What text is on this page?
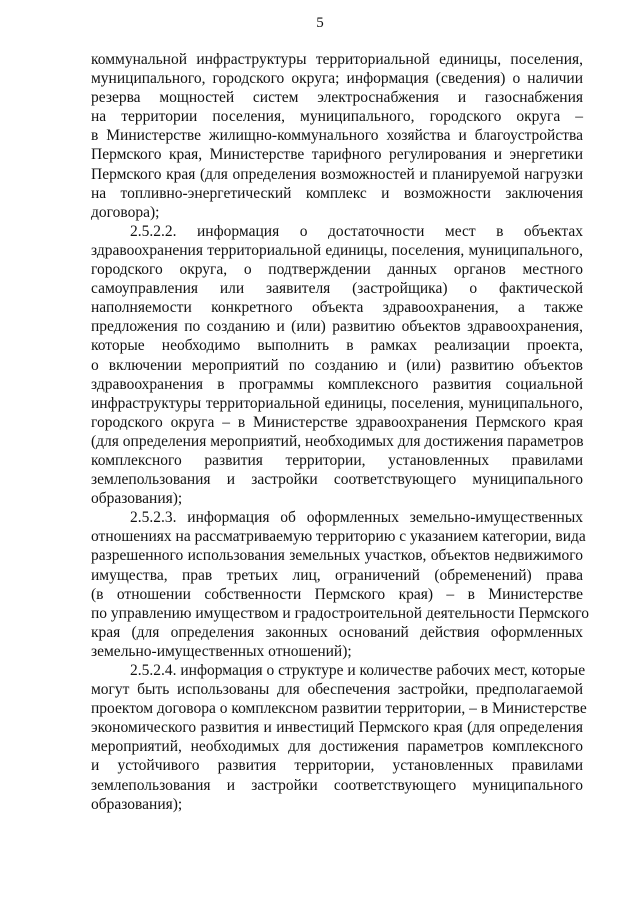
5
коммунальной инфраструктуры территориальной единицы, поселения,
муниципального, городского округа; информация (сведения) о наличии
резерва мощностей систем электроснабжения и газоснабжения
на территории поселения, муниципального, городского округа –
в Министерстве жилищно-коммунального хозяйства и благоустройства
Пермского края, Министерстве тарифного регулирования и энергетики
Пермского края (для определения возможностей и планируемой нагрузки
на топливно-энергетический комплекс и возможности заключения
договора);
2.5.2.2. информация о достаточности мест в объектах
здравоохранения территориальной единицы, поселения, муниципального,
городского округа, о подтверждении данных органов местного
самоуправления или заявителя (застройщика) о фактической
наполняемости конкретного объекта здравоохранения, а также
предложения по созданию и (или) развитию объектов здравоохранения,
которые необходимо выполнить в рамках реализации проекта,
о включении мероприятий по созданию и (или) развитию объектов
здравоохранения в программы комплексного развития социальной
инфраструктуры территориальной единицы, поселения, муниципального,
городского округа – в Министерстве здравоохранения Пермского края
(для определения мероприятий, необходимых для достижения параметров
комплексного развития территории, установленных правилами
землепользования и застройки соответствующего муниципального
образования);
2.5.2.3. информация об оформленных земельно-имущественных
отношениях на рассматриваемую территорию с указанием категории, вида
разрешенного использования земельных участков, объектов недвижимого
имущества, прав третьих лиц, ограничений (обременений) права
(в отношении собственности Пермского края) – в Министерстве
по управлению имуществом и градостроительной деятельности Пермского
края (для определения законных оснований действия оформленных
земельно-имущественных отношений);
2.5.2.4. информация о структуре и количестве рабочих мест, которые
могут быть использованы для обеспечения застройки, предполагаемой
проектом договора о комплексном развитии территории, – в Министерстве
экономического развития и инвестиций Пермского края (для определения
мероприятий, необходимых для достижения параметров комплексного
и устойчивого развития территории, установленных правилами
землепользования и застройки соответствующего муниципального
образования);
